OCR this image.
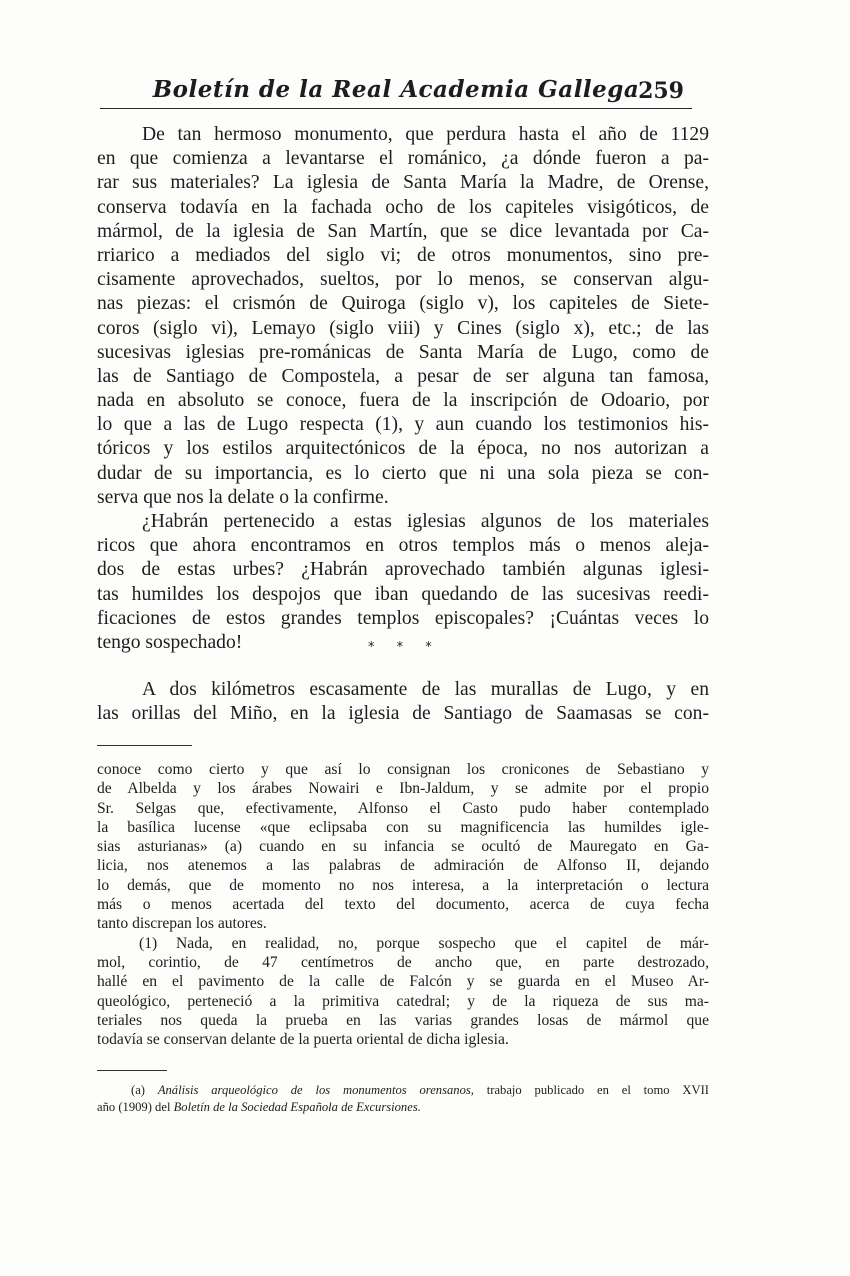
Boletín de la Real Academia Gallega
259
De tan hermoso monumento, que perdura hasta el año de 1129
en que comienza a levantarse el románico, ¿a dónde fueron a pa-
rar sus materiales? La iglesia de Santa María la Madre, de Orense,
conserva todavía en la fachada ocho de los capiteles visigóticos, de
mármol, de la iglesia de San Martín, que se dice levantada por Ca-
rriarico a mediados del siglo vi; de otros monumentos, sino pre-
cisamente aprovechados, sueltos, por lo menos, se conservan algu-
nas piezas: el crismón de Quiroga (siglo v), los capiteles de Siete-
coros (siglo vi), Lemayo (siglo viii) y Cines (siglo x), etc.; de las
sucesivas iglesias pre-románicas de Santa María de Lugo, como de
las de Santiago de Compostela, a pesar de ser alguna tan famosa,
nada en absoluto se conoce, fuera de la inscripción de Odoario, por
lo que a las de Lugo respecta (1), y aun cuando los testimonios his-
tóricos y los estilos arquitectónicos de la época, no nos autorizan a
dudar de su importancia, es lo cierto que ni una sola pieza se con-
serva que nos la delate o la confirme.
¿Habrán pertenecido a estas iglesias algunos de los materiales
ricos que ahora encontramos en otros templos más o menos aleja-
dos de estas urbes? ¿Habrán aprovechado también algunas iglesi-
tas humildes los despojos que iban quedando de las sucesivas reedi-
ficaciones de estos grandes templos episcopales? ¡Cuántas veces lo
tengo sospechado!	* * *
A dos kilómetros escasamente de las murallas de Lugo, y en
las orillas del Miño, en la iglesia de Santiago de Saamasas se con-
conoce como cierto y que así lo consignan los cronicones de Sebastiano y
de Albelda y los árabes Nowairi e Ibn-Jaldum, y se admite por el propio
Sr. Selgas que, efectivamente, Alfonso el Casto pudo haber contemplado
la basílica lucense «que eclipsaba con su magnificencia las humildes igle-
sias asturianas» (a) cuando en su infancia se ocultó de Mauregato en Ga-
licia, nos atenemos a las palabras de admiración de Alfonso II, dejando
lo demás, que de momento no nos interesa, a la interpretación o lectura
más o menos acertada del texto del documento, acerca de cuya fecha
tanto discrepan los autores.
(1) Nada, en realidad, no, porque sospecho que el capitel de már-
mol, corintio, de 47 centímetros de ancho que, en parte destrozado,
hallé en el pavimento de la calle de Falcón y se guarda en el Museo Ar-
queológico, perteneció a la primitiva catedral; y de la riqueza de sus ma-
teriales nos queda la prueba en las varias grandes losas de mármol que
todavía se conservan delante de la puerta oriental de dicha iglesia.
(a) Análisis arqueológico de los monumentos orensanos, trabajo publicado en el tomo XVII
año (1909) del Boletín de la Sociedad Española de Excursiones.
